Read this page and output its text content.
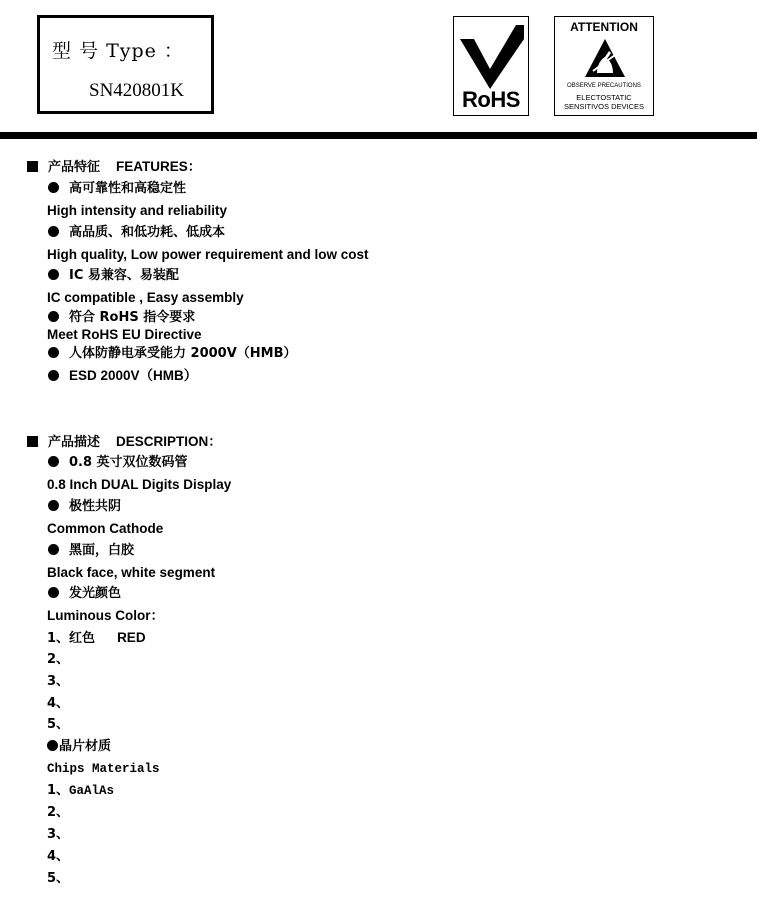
型 号 Type ：
SN420801K	RoHS
ATTENTION
OBSERVE PRECAUTIONS
ELECTOSTATIC
SENSITIVOS DEVICES
产品特征 FEATURES：
高可靠性和高稳定性
High intensity and reliability
高品质、和低功耗、低成本
High quality, Low power requirement and low cost
IC 易兼容、易装配
IC compatible , Easy assembly
符合 RoHS 指令要求
Meet RoHS EU Directive
人体防静电承受能力 2000V（HMB）
ESD 2000V（HMB）
产品描述 DESCRIPTION：
0.8 英寸双位数码管
0.8 Inch DUAL Digits Display
极性共阴
Common Cathode
黑面，白胶
Black face, white segment
发光颜色
Luminous Color：
1、红色 RED
2、
3、
4、
5、
晶片材质
Chips Materials
1、GaAlAs
2、
3、
4、
5、
